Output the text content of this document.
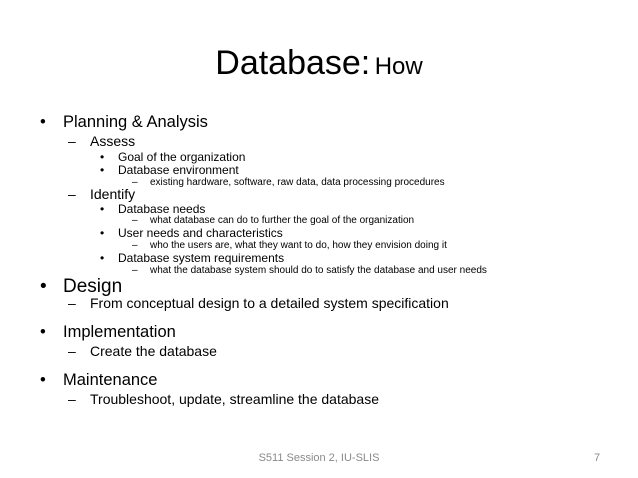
Database: How
• Planning & Analysis
– Assess
• Goal of the organization
• Database environment
– existing hardware, software, raw data, data processing procedures
– Identify
• Database needs
– what database can do to further the goal of the organization
• User needs and characteristics
– who the users are, what they want to do, how they envision doing it
• Database system requirements
– what the database system should do to satisfy the database and user needs
• Design
– From conceptual design to a detailed system specification
• Implementation
– Create the database
• Maintenance
– Troubleshoot, update, streamline the database
S511 Session 2, IU-SLIS	7
